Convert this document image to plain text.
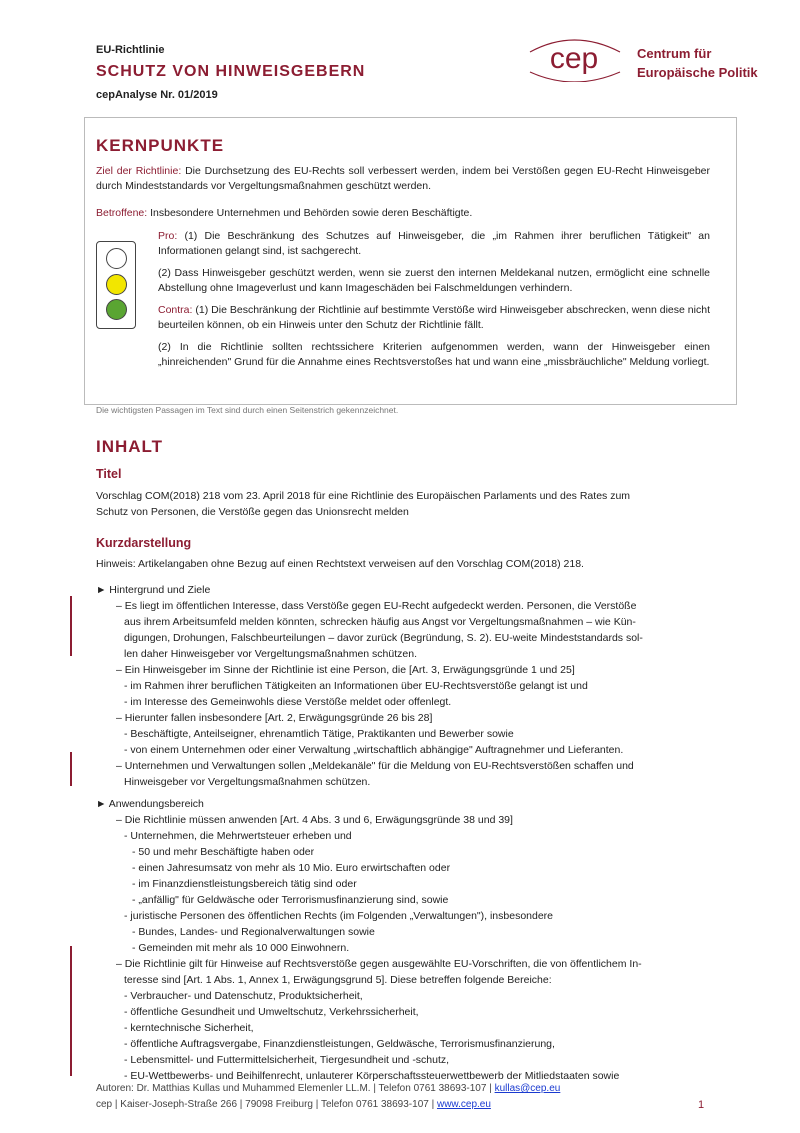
EU-Richtlinie
SCHUTZ VON HINWEISGEBERN
cepAnalyse Nr. 01/2019
cep	Centrum für
Europäische Politik
KERNPUNKTE

Ziel der Richtlinie: Die Durchsetzung des EU-Rechts soll verbessert werden, indem bei Verstößen gegen EU-Recht Hinweisgeber durch Mindeststandards vor Vergeltungsmaßnahmen geschützt werden.

Betroffene: Insbesondere Unternehmen und Behörden sowie deren Beschäftigte.

Pro: (1) Die Beschränkung des Schutzes auf Hinweisgeber, die „im Rahmen ihrer beruflichen Tätigkeit" an Informationen gelangt sind, ist sachgerecht.

(2) Dass Hinweisgeber geschützt werden, wenn sie zuerst den internen Meldekanal nutzen, ermöglicht eine schnelle Abstellung ohne Imageverlust und kann Imageschäden bei Falschmeldungen verhindern.

Contra: (1) Die Beschränkung der Richtlinie auf bestimmte Verstöße wird Hinweisgeber abschrecken, wenn diese nicht beurteilen können, ob ein Hinweis unter den Schutz der Richtlinie fällt.

(2) In die Richtlinie sollten rechtssichere Kriterien aufgenommen werden, wann der Hinweisgeber einen „hinreichenden" Grund für die Annahme eines Rechtsverstoßes hat und wann eine „missbräuchliche" Meldung vorliegt.

Die wichtigsten Passagen im Text sind durch einen Seitenstrich gekennzeichnet.
INHALT
Titel
Vorschlag COM(2018) 218 vom 23. April 2018 für eine Richtlinie des Europäischen Parlaments und des Rates zum
Schutz von Personen, die Verstöße gegen das Unionsrecht melden
Kurzdarstellung
Hinweis: Artikelangaben ohne Bezug auf einen Rechtstext verweisen auf den Vorschlag COM(2018) 218.
► Hintergrund und Ziele
– Es liegt im öffentlichen Interesse, dass Verstöße gegen EU-Recht aufgedeckt werden. Personen, die Verstöße
aus ihrem Arbeitsumfeld melden könnten, schrecken häufig aus Angst vor Vergeltungsmaßnahmen – wie Kün-
digungen, Drohungen, Falschbeurteilungen – davor zurück (Begründung, S. 2). EU-weite Mindeststandards sol-
len daher Hinweisgeber vor Vergeltungsmaßnahmen schützen.
– Ein Hinweisgeber im Sinne der Richtlinie ist eine Person, die [Art. 3, Erwägungsgründe 1 und 25]
- im Rahmen ihrer beruflichen Tätigkeiten an Informationen über EU-Rechtsverstöße gelangt ist und
- im Interesse des Gemeinwohls diese Verstöße meldet oder offenlegt.
– Hierunter fallen insbesondere [Art. 2, Erwägungsgründe 26 bis 28]
- Beschäftigte, Anteilseigner, ehrenamtlich Tätige, Praktikanten und Bewerber sowie
- von einem Unternehmen oder einer Verwaltung „wirtschaftlich abhängige" Auftragnehmer und Lieferanten.
– Unternehmen und Verwaltungen sollen „Meldekanäle" für die Meldung von EU-Rechtsverstößen schaffen und
Hinweisgeber vor Vergeltungsmaßnahmen schützen.
► Anwendungsbereich
– Die Richtlinie müssen anwenden [Art. 4 Abs. 3 und 6, Erwägungsgründe 38 und 39]
- Unternehmen, die Mehrwertsteuer erheben und
- 50 und mehr Beschäftigte haben oder
- einen Jahresumsatz von mehr als 10 Mio. Euro erwirtschaften oder
- im Finanzdienstleistungsbereich tätig sind oder
- „anfällig" für Geldwäsche oder Terrorismusfinanzierung sind, sowie
- juristische Personen des öffentlichen Rechts (im Folgenden „Verwaltungen"), insbesondere
- Bundes, Landes- und Regionalverwaltungen sowie
- Gemeinden mit mehr als 10 000 Einwohnern.
– Die Richtlinie gilt für Hinweise auf Rechtsverstöße gegen ausgewählte EU-Vorschriften, die von öffentlichem In-
teresse sind [Art. 1 Abs. 1, Annex 1, Erwägungsgrund 5]. Diese betreffen folgende Bereiche:
- Verbraucher- und Datenschutz, Produktsicherheit,
- öffentliche Gesundheit und Umweltschutz, Verkehrssicherheit,
- kerntechnische Sicherheit,
- öffentliche Auftragsvergabe, Finanzdienstleistungen, Geldwäsche, Terrorismusfinanzierung,
- Lebensmittel- und Futtermittelsicherheit, Tiergesundheit und -schutz,
- EU-Wettbewerbs- und Beihilfenrecht, unlauterer Körperschaftssteuerwettbewerb der Mitliedstaaten sowie
Autoren: Dr. Matthias Kullas und Muhammed Elemenler LL.M. | Telefon 0761 38693-107 | kullas@cep.eu
cep | Kaiser-Joseph-Straße 266 | 79098 Freiburg | Telefon 0761 38693-107 | www.cep.eu	1
